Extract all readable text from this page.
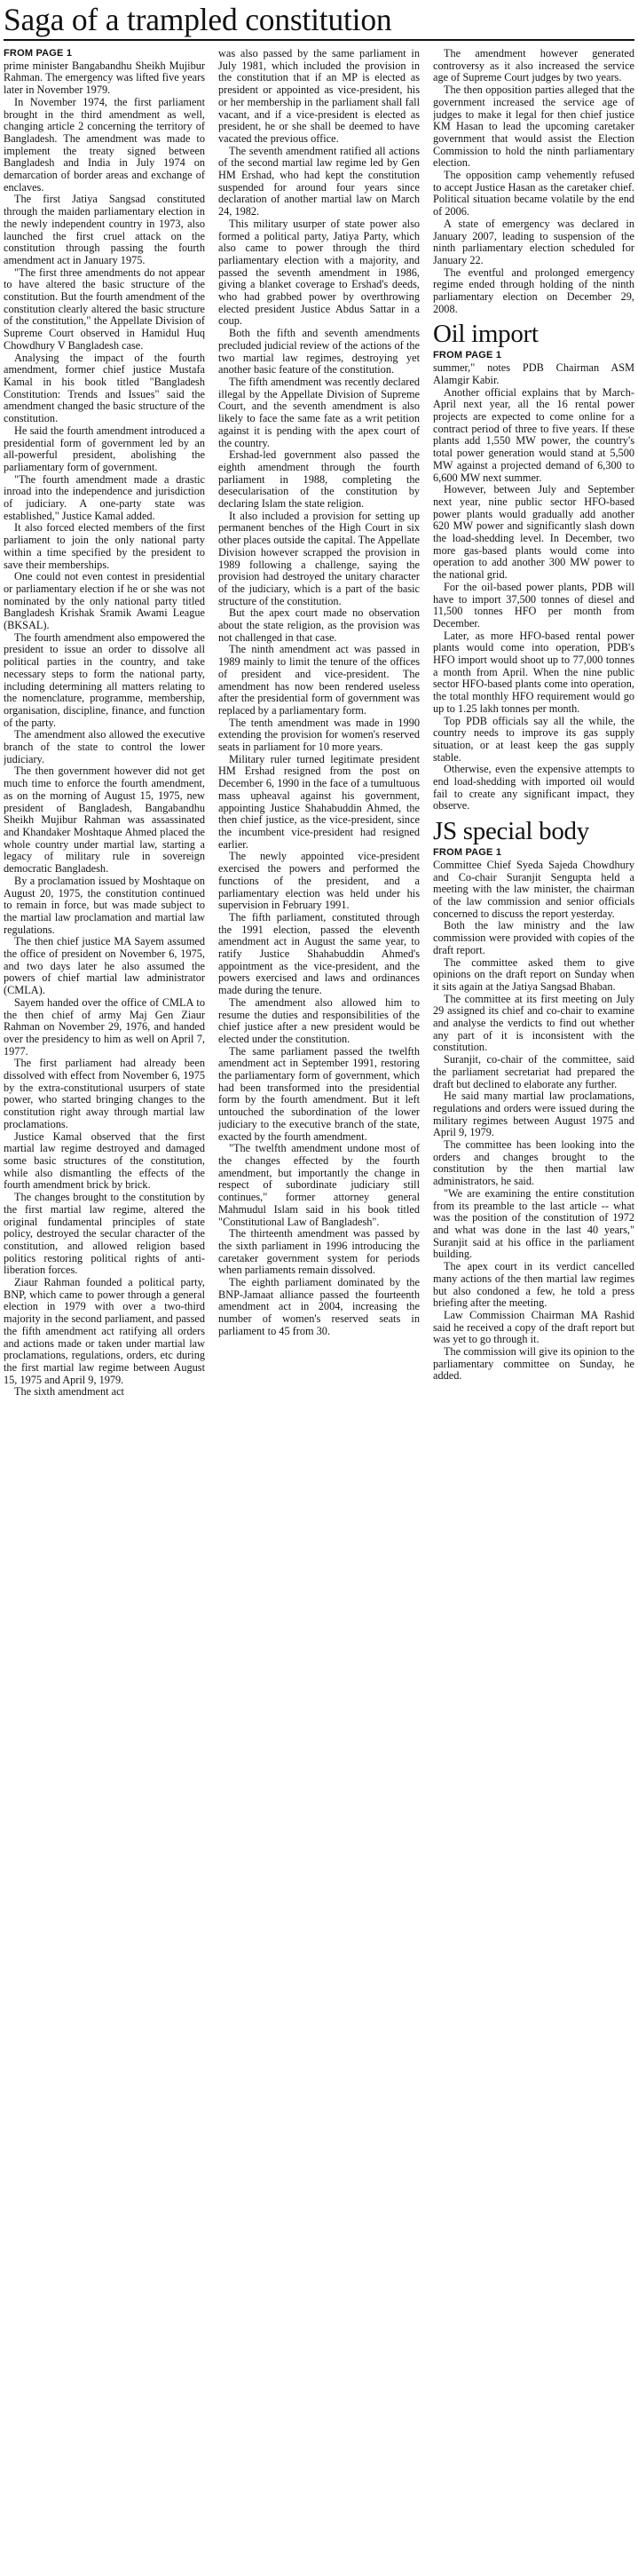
Saga of a trampled constitution
FROM PAGE 1

prime minister Bangabandhu Sheikh Mujibur Rahman. The emergency was lifted five years later in November 1979.

In November 1974, the first parliament brought in the third amendment as well, changing article 2 concerning the territory of Bangladesh. The amendment was made to implement the treaty signed between Bangladesh and India in July 1974 on demarcation of border areas and exchange of enclaves.

The first Jatiya Sangsad constituted through the maiden parliamentary election in the newly independent country in 1973, also launched the first cruel attack on the constitution through passing the fourth amendment act in January 1975.

"The first three amendments do not appear to have altered the basic structure of the constitution. But the fourth amendment of the constitution clearly altered the basic structure of the constitution," the Appellate Division of Supreme Court observed in Hamidul Huq Chowdhury V Bangladesh case.

Analysing the impact of the fourth amendment, former chief justice Mustafa Kamal in his book titled "Bangladesh Constitution: Trends and Issues" said the amendment changed the basic structure of the constitution.

He said the fourth amendment introduced a presidential form of government led by an all-powerful president, abolishing the parliamentary form of government.

"The fourth amendment made a drastic inroad into the independence and jurisdiction of judiciary. A one-party state was established," Justice Kamal added.

It also forced elected members of the first parliament to join the only national party within a time specified by the president to save their memberships.

One could not even contest in presidential or parliamentary election if he or she was not nominated by the only national party titled Bangladesh Krishak Sramik Awami League (BKSAL).

The fourth amendment also empowered the president to issue an order to dissolve all political parties in the country, and take necessary steps to form the national party, including determining all matters relating to the nomenclature, programme, membership, organisation, discipline, finance, and function of the party.

The amendment also allowed the executive branch of the state to control the lower judiciary.

The then government however did not get much time to enforce the fourth amendment, as on the morning of August 15, 1975, new president of Bangladesh, Bangabandhu Sheikh Mujibur Rahman was assassinated and Khandaker Moshtaque Ahmed placed the whole country under martial law, starting a legacy of military rule in sovereign democratic Bangladesh.

By a proclamation issued by Moshtaque on August 20, 1975, the constitution continued to remain in force, but was made subject to the martial law proclamation and martial law regulations.

The then chief justice MA Sayem assumed the office of president on November 6, 1975, and two days later he also assumed the powers of chief martial law administrator (CMLA).

Sayem handed over the office of CMLA to the then chief of army Maj Gen Ziaur Rahman on November 29, 1976, and handed over the presidency to him as well on April 7, 1977.

The first parliament had already been dissolved with effect from November 6, 1975 by the extra-constitutional usurpers of state power, who started bringing changes to the constitution right away through martial law proclamations.

Justice Kamal observed that the first martial law regime destroyed and damaged some basic structures of the constitution, while also dismantling the effects of the fourth amendment brick by brick.

The changes brought to the constitution by the first martial law regime, altered the original fundamental principles of state policy, destroyed the secular character of the constitution, and allowed religion based politics restoring political rights of anti-liberation forces.

Ziaur Rahman founded a political party, BNP, which came to power through a general election in 1979 with over a two-third majority in the second parliament, and passed the fifth amendment act ratifying all orders and actions made or taken under martial law proclamations, regulations, orders, etc during the first martial law regime between August 15, 1975 and April 9, 1979.

The sixth amendment act

was also passed by the same parliament in July 1981, which included the provision in the constitution that if an MP is elected as president or appointed as vice-president, his or her membership in the parliament shall fall vacant, and if a vice-president is elected as president, he or she shall be deemed to have vacated the previous office.

The seventh amendment ratified all actions of the second martial law regime led by Gen HM Ershad, who had kept the constitution suspended for around four years since declaration of another martial law on March 24, 1982.

This military usurper of state power also formed a political party, Jatiya Party, which also came to power through the third parliamentary election with a majority, and passed the seventh amendment in 1986, giving a blanket coverage to Ershad's deeds, who had grabbed power by overthrowing elected president Justice Abdus Sattar in a coup.

Both the fifth and seventh amendments precluded judicial review of the actions of the two martial law regimes, destroying yet another basic feature of the constitution.

The fifth amendment was recently declared illegal by the Appellate Division of Supreme Court, and the seventh amendment is also likely to face the same fate as a writ petition against it is pending with the apex court of the country.

Ershad-led government also passed the eighth amendment through the fourth parliament in 1988, completing the desecularisation of the constitution by declaring Islam the state religion.

It also included a provision for setting up permanent benches of the High Court in six other places outside the capital. The Appellate Division however scrapped the provision in 1989 following a challenge, saying the provision had destroyed the unitary character of the judiciary, which is a part of the basic structure of the constitution.

But the apex court made no observation about the state religion, as the provision was not challenged in that case.

The ninth amendment act was passed in 1989 mainly to limit the tenure of the offices of president and vice-president. The amendment has now been rendered useless after the presidential form of government was replaced by a parliamentary form.

The tenth amendment was made in 1990 extending the provision for women's reserved seats in parliament for 10 more years.

Military ruler turned legitimate president HM Ershad resigned from the post on December 6, 1990 in the face of a tumultuous mass upheaval against his government, appointing Justice Shahabuddin Ahmed, the then chief justice, as the vice-president, since the incumbent vice-president had resigned earlier.

The newly appointed vice-president exercised the powers and performed the functions of the president, and a parliamentary election was held under his supervision in February 1991.

The fifth parliament, constituted through the 1991 election, passed the eleventh amendment act in August the same year, to ratify Justice Shahabuddin Ahmed's appointment as the vice-president, and the powers exercised and laws and ordinances made during the tenure.

The amendment also allowed him to resume the duties and responsibilities of the chief justice after a new president would be elected under the constitution.

The same parliament passed the twelfth amendment act in September 1991, restoring the parliamentary form of government, which had been transformed into the presidential form by the fourth amendment. But it left untouched the subordination of the lower judiciary to the executive branch of the state, exacted by the fourth amendment.

"The twelfth amendment undone most of the changes effected by the fourth amendment, but importantly the change in respect of subordinate judiciary still continues," former attorney general Mahmudul Islam said in his book titled "Constitutional Law of Bangladesh".

The thirteenth amendment was passed by the sixth parliament in 1996 introducing the caretaker government system for periods when parliaments remain dissolved.

The eighth parliament dominated by the BNP-Jamaat alliance passed the fourteenth amendment act in 2004, increasing the number of women's reserved seats in parliament to 45 from 30.

The amendment however generated controversy as it also increased the service age of Supreme Court judges by two years.

The then opposition parties alleged that the government increased the service age of judges to make it legal for then chief justice KM Hasan to lead the upcoming caretaker government that would assist the Election Commission to hold the ninth parliamentary election.

The opposition camp vehemently refused to accept Justice Hasan as the caretaker chief. Political situation became volatile by the end of 2006.

A state of emergency was declared in January 2007, leading to suspension of the ninth parliamentary election scheduled for January 22.

The eventful and prolonged emergency regime ended through holding of the ninth parliamentary election on December 29, 2008.

Oil import
FROM PAGE 1

summer," notes PDB Chairman ASM Alamgir Kabir.

Another official explains that by March-April next year, all the 16 rental power projects are expected to come online for a contract period of three to five years. If these plants add 1,550 MW power, the country's total power generation would stand at 5,500 MW against a projected demand of 6,300 to 6,600 MW next summer.

However, between July and September next year, nine public sector HFO-based power plants would gradually add another 620 MW power and significantly slash down the load-shedding level. In December, two more gas-based plants would come into operation to add another 300 MW power to the national grid.

For the oil-based power plants, PDB will have to import 37,500 tonnes of diesel and 11,500 tonnes HFO per month from December.

Later, as more HFO-based rental power plants would come into operation, PDB's HFO import would shoot up to 77,000 tonnes a month from April. When the nine public sector HFO-based plants come into operation, the total monthly HFO requirement would go up to 1.25 lakh tonnes per month.

Top PDB officials say all the while, the country needs to improve its gas supply situation, or at least keep the gas supply stable.

Otherwise, even the expensive attempts to end load-shedding with imported oil would fail to create any significant impact, they observe.

JS special body
FROM PAGE 1

Committee Chief Syeda Sajeda Chowdhury and Co-chair Suranjit Sengupta held a meeting with the law minister, the chairman of the law commission and senior officials concerned to discuss the report yesterday.

Both the law ministry and the law commission were provided with copies of the draft report.

The committee asked them to give opinions on the draft report on Sunday when it sits again at the Jatiya Sangsad Bhaban.

The committee at its first meeting on July 29 assigned its chief and co-chair to examine and analyse the verdicts to find out whether any part of it is inconsistent with the constitution.

Suranjit, co-chair of the committee, said the parliament secretariat had prepared the draft but declined to elaborate any further.

He said many martial law proclamations, regulations and orders were issued during the military regimes between August 1975 and April 9, 1979.

The committee has been looking into the orders and changes brought to the constitution by the then martial law administrators, he said.

"We are examining the entire constitution from its preamble to the last article -- what was the position of the constitution of 1972 and what was done in the last 40 years," Suranjit said at his office in the parliament building.

The apex court in its verdict cancelled many actions of the then martial law regimes but also condoned a few, he told a press briefing after the meeting.

Law Commission Chairman MA Rashid said he received a copy of the draft report but was yet to go through it.

The commission will give its opinion to the parliamentary committee on Sunday, he added.
